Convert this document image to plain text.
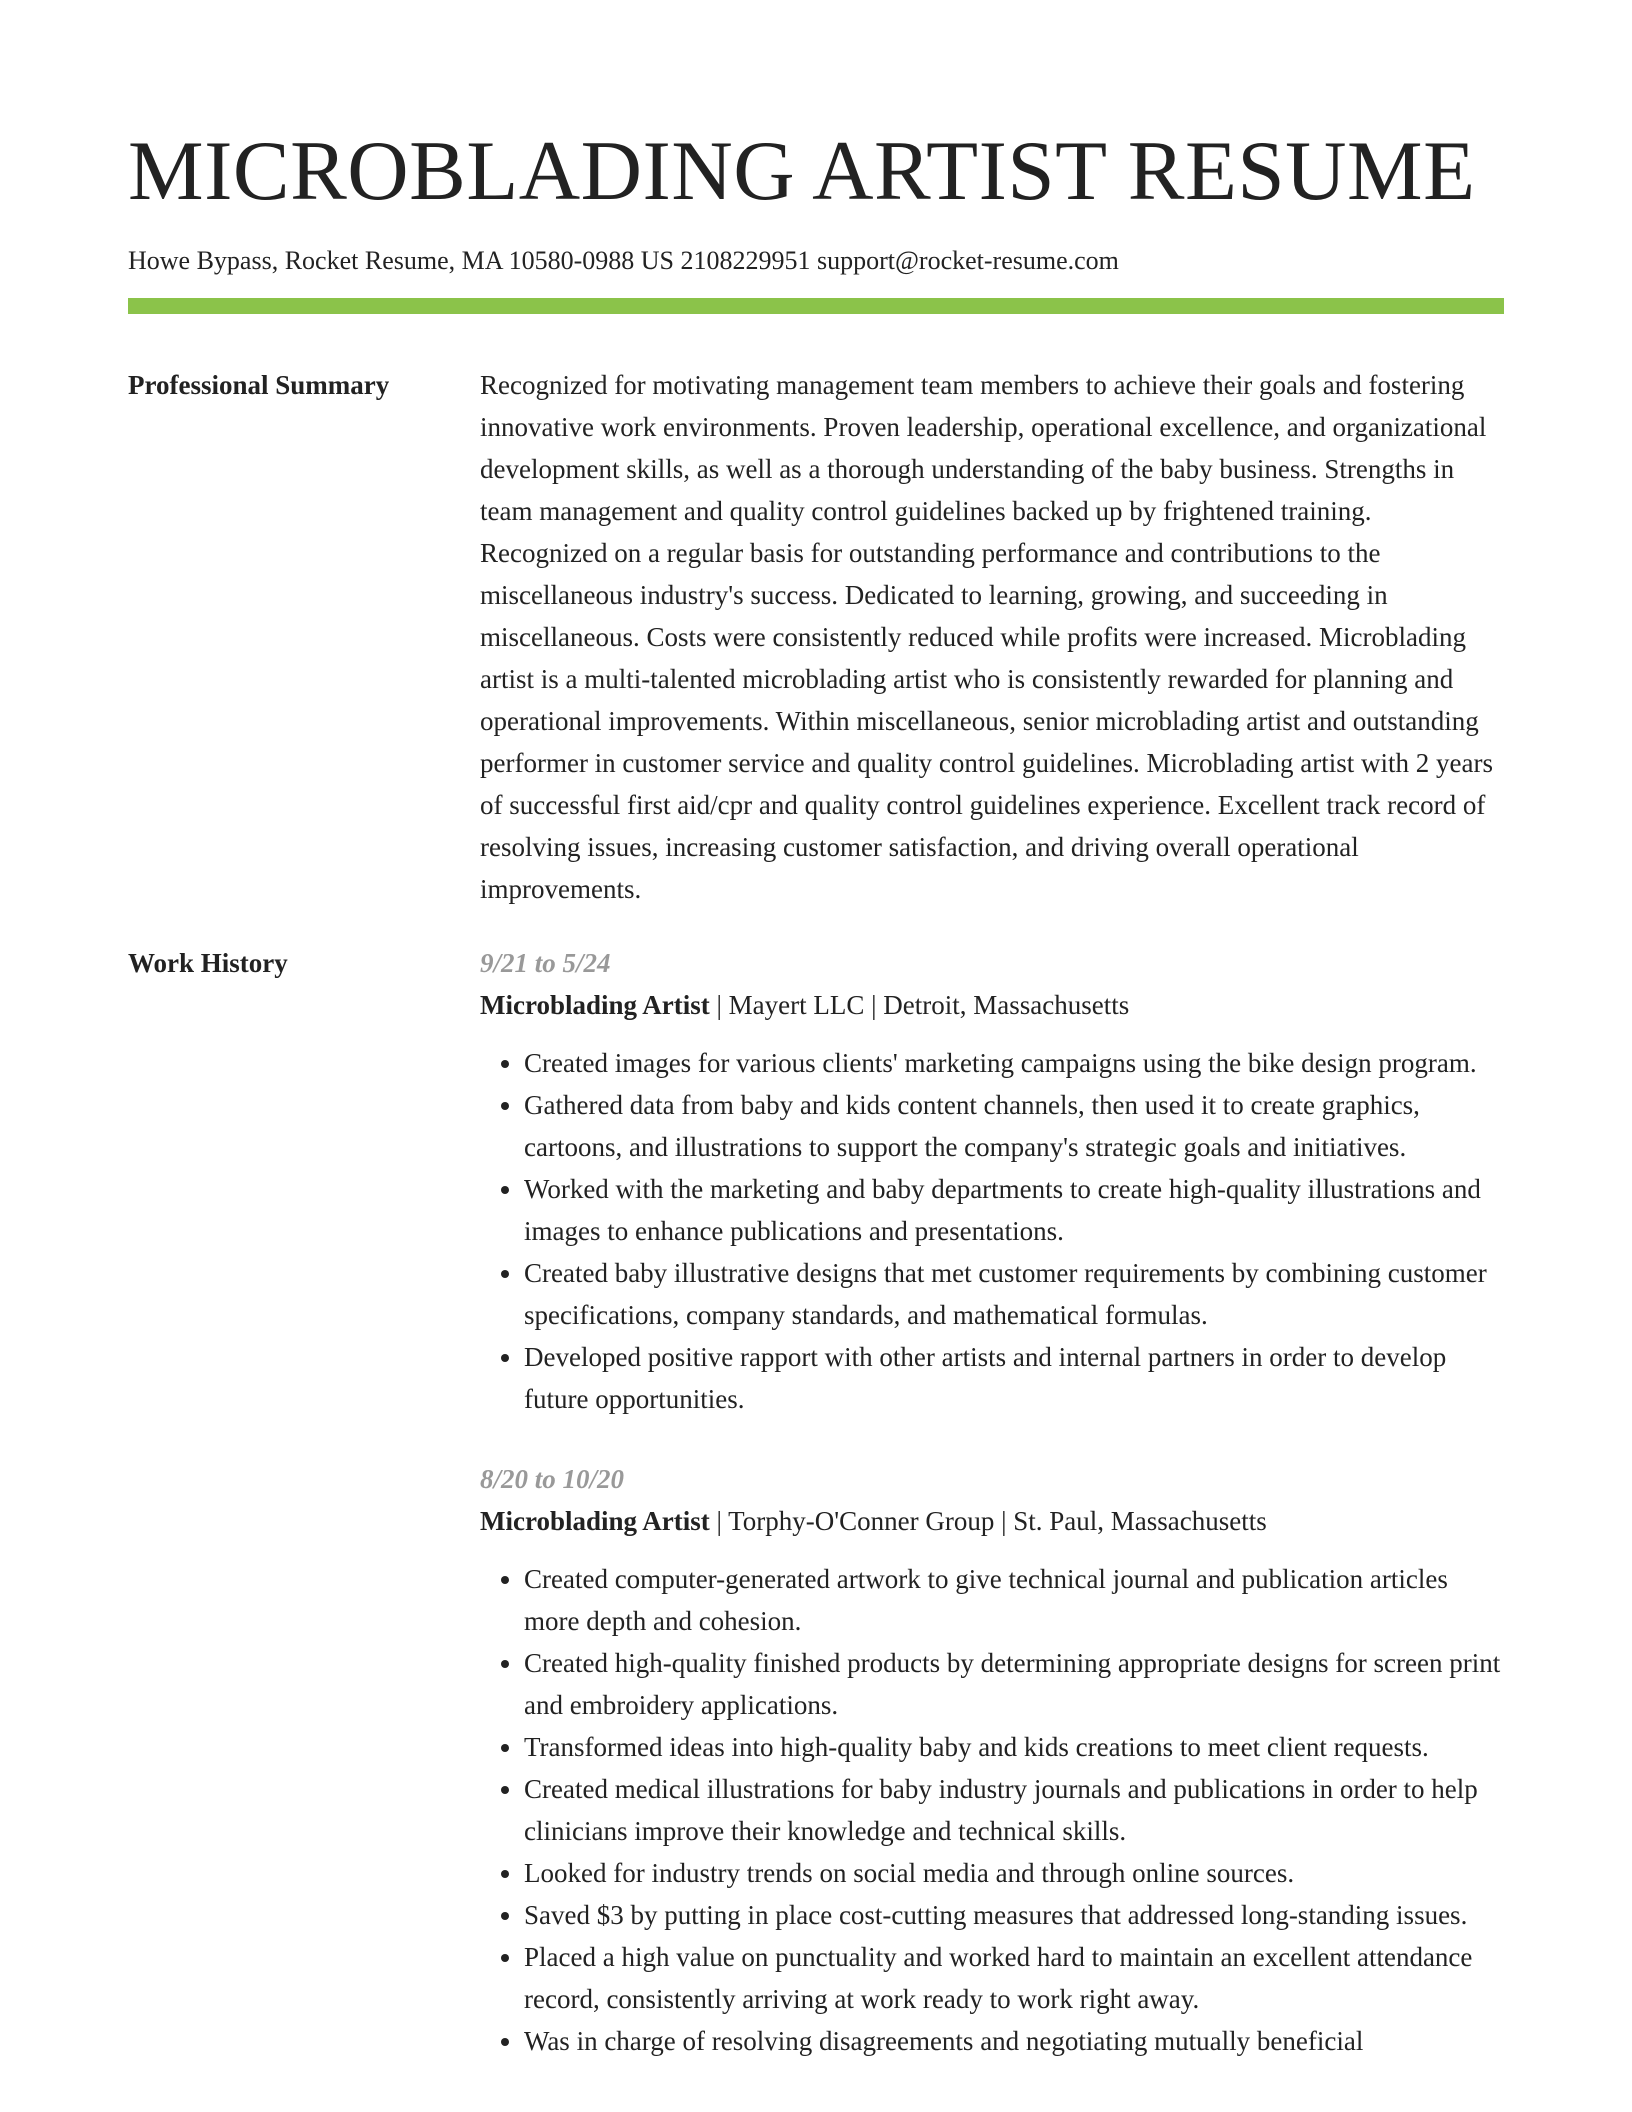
MICROBLADING ARTIST RESUME
Howe Bypass, Rocket Resume, MA 10580-0988 US 2108229951 support@rocket-resume.com
Professional Summary	Recognized for motivating management team members to achieve their goals and fostering innovative work environments. Proven leadership, operational excellence, and organizational development skills, as well as a thorough understanding of the baby business. Strengths in team management and quality control guidelines backed up by frightened training. Recognized on a regular basis for outstanding performance and contributions to the miscellaneous industry's success. Dedicated to learning, growing, and succeeding in miscellaneous. Costs were consistently reduced while profits were increased. Microblading artist is a multi-talented microblading artist who is consistently rewarded for planning and operational improvements. Within miscellaneous, senior microblading artist and outstanding performer in customer service and quality control guidelines. Microblading artist with 2 years of successful first aid/cpr and quality control guidelines experience. Excellent track record of resolving issues, increasing customer satisfaction, and driving overall operational improvements.

Work History	9/21 to 5/24
Microblading Artist | Mayert LLC | Detroit, Massachusetts
• Created images for various clients' marketing campaigns using the bike design program.
• Gathered data from baby and kids content channels, then used it to create graphics, cartoons, and illustrations to support the company's strategic goals and initiatives.
• Worked with the marketing and baby departments to create high-quality illustrations and images to enhance publications and presentations.
• Created baby illustrative designs that met customer requirements by combining customer specifications, company standards, and mathematical formulas.
• Developed positive rapport with other artists and internal partners in order to develop future opportunities.
8/20 to 10/20
Microblading Artist | Torphy-O'Conner Group | St. Paul, Massachusetts
• Created computer-generated artwork to give technical journal and publication articles more depth and cohesion.
• Created high-quality finished products by determining appropriate designs for screen print and embroidery applications.
• Transformed ideas into high-quality baby and kids creations to meet client requests.
• Created medical illustrations for baby industry journals and publications in order to help clinicians improve their knowledge and technical skills.
• Looked for industry trends on social media and through online sources.
• Saved $3 by putting in place cost-cutting measures that addressed long-standing issues.
• Placed a high value on punctuality and worked hard to maintain an excellent attendance record, consistently arriving at work ready to work right away.
• Was in charge of resolving disagreements and negotiating mutually beneficial
